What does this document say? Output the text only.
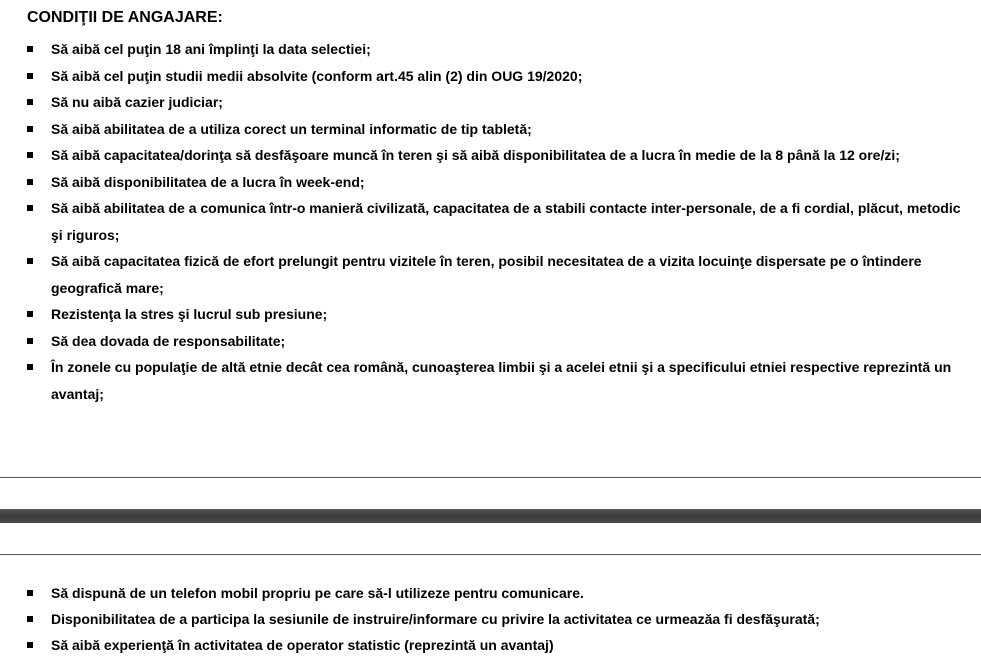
CONDIŢII DE ANGAJARE:
Să aibă cel puţin 18 ani împlinţi la data selectiei;
Să aibă cel puţin studii medii absolvite (conform art.45 alin (2) din OUG 19/2020;
Să nu aibă cazier judiciar;
Să aibă abilitatea de a utiliza corect un terminal informatic de tip tabletă;
Să aibă capacitatea/dorinţa să desfăşoare muncă în teren şi să aibă disponibilitatea de a lucra în medie de la 8 până la 12 ore/zi;
Să aibă disponibilitatea de a lucra în week-end;
Să aibă abilitatea de a comunica într-o manieră civilizată, capacitatea de a stabili contacte inter-personale, de a fi cordial, plăcut, metodic şi riguros;
Să aibă capacitatea fizică de efort prelungit pentru vizitele în teren, posibil necesitatea de a vizita locuinţe dispersate pe o întindere geografică mare;
Rezistenţa la stres şi lucrul sub presiune;
Să dea dovada de responsabilitate;
În zonele cu populaţie de altă etnie decât cea română, cunoaşterea limbii şi a acelei etnii şi a specificului etniei respective reprezintă un avantaj;
Să dispună de un telefon mobil propriu pe care să-l utilizeze pentru comunicare.
Disponibilitatea de a participa la sesiunile de instruire/informare cu privire la activitatea ce urmeazăa fi desfăşurată;
Să aibă experienţă în activitatea de operator statistic (reprezintă un avantaj)
